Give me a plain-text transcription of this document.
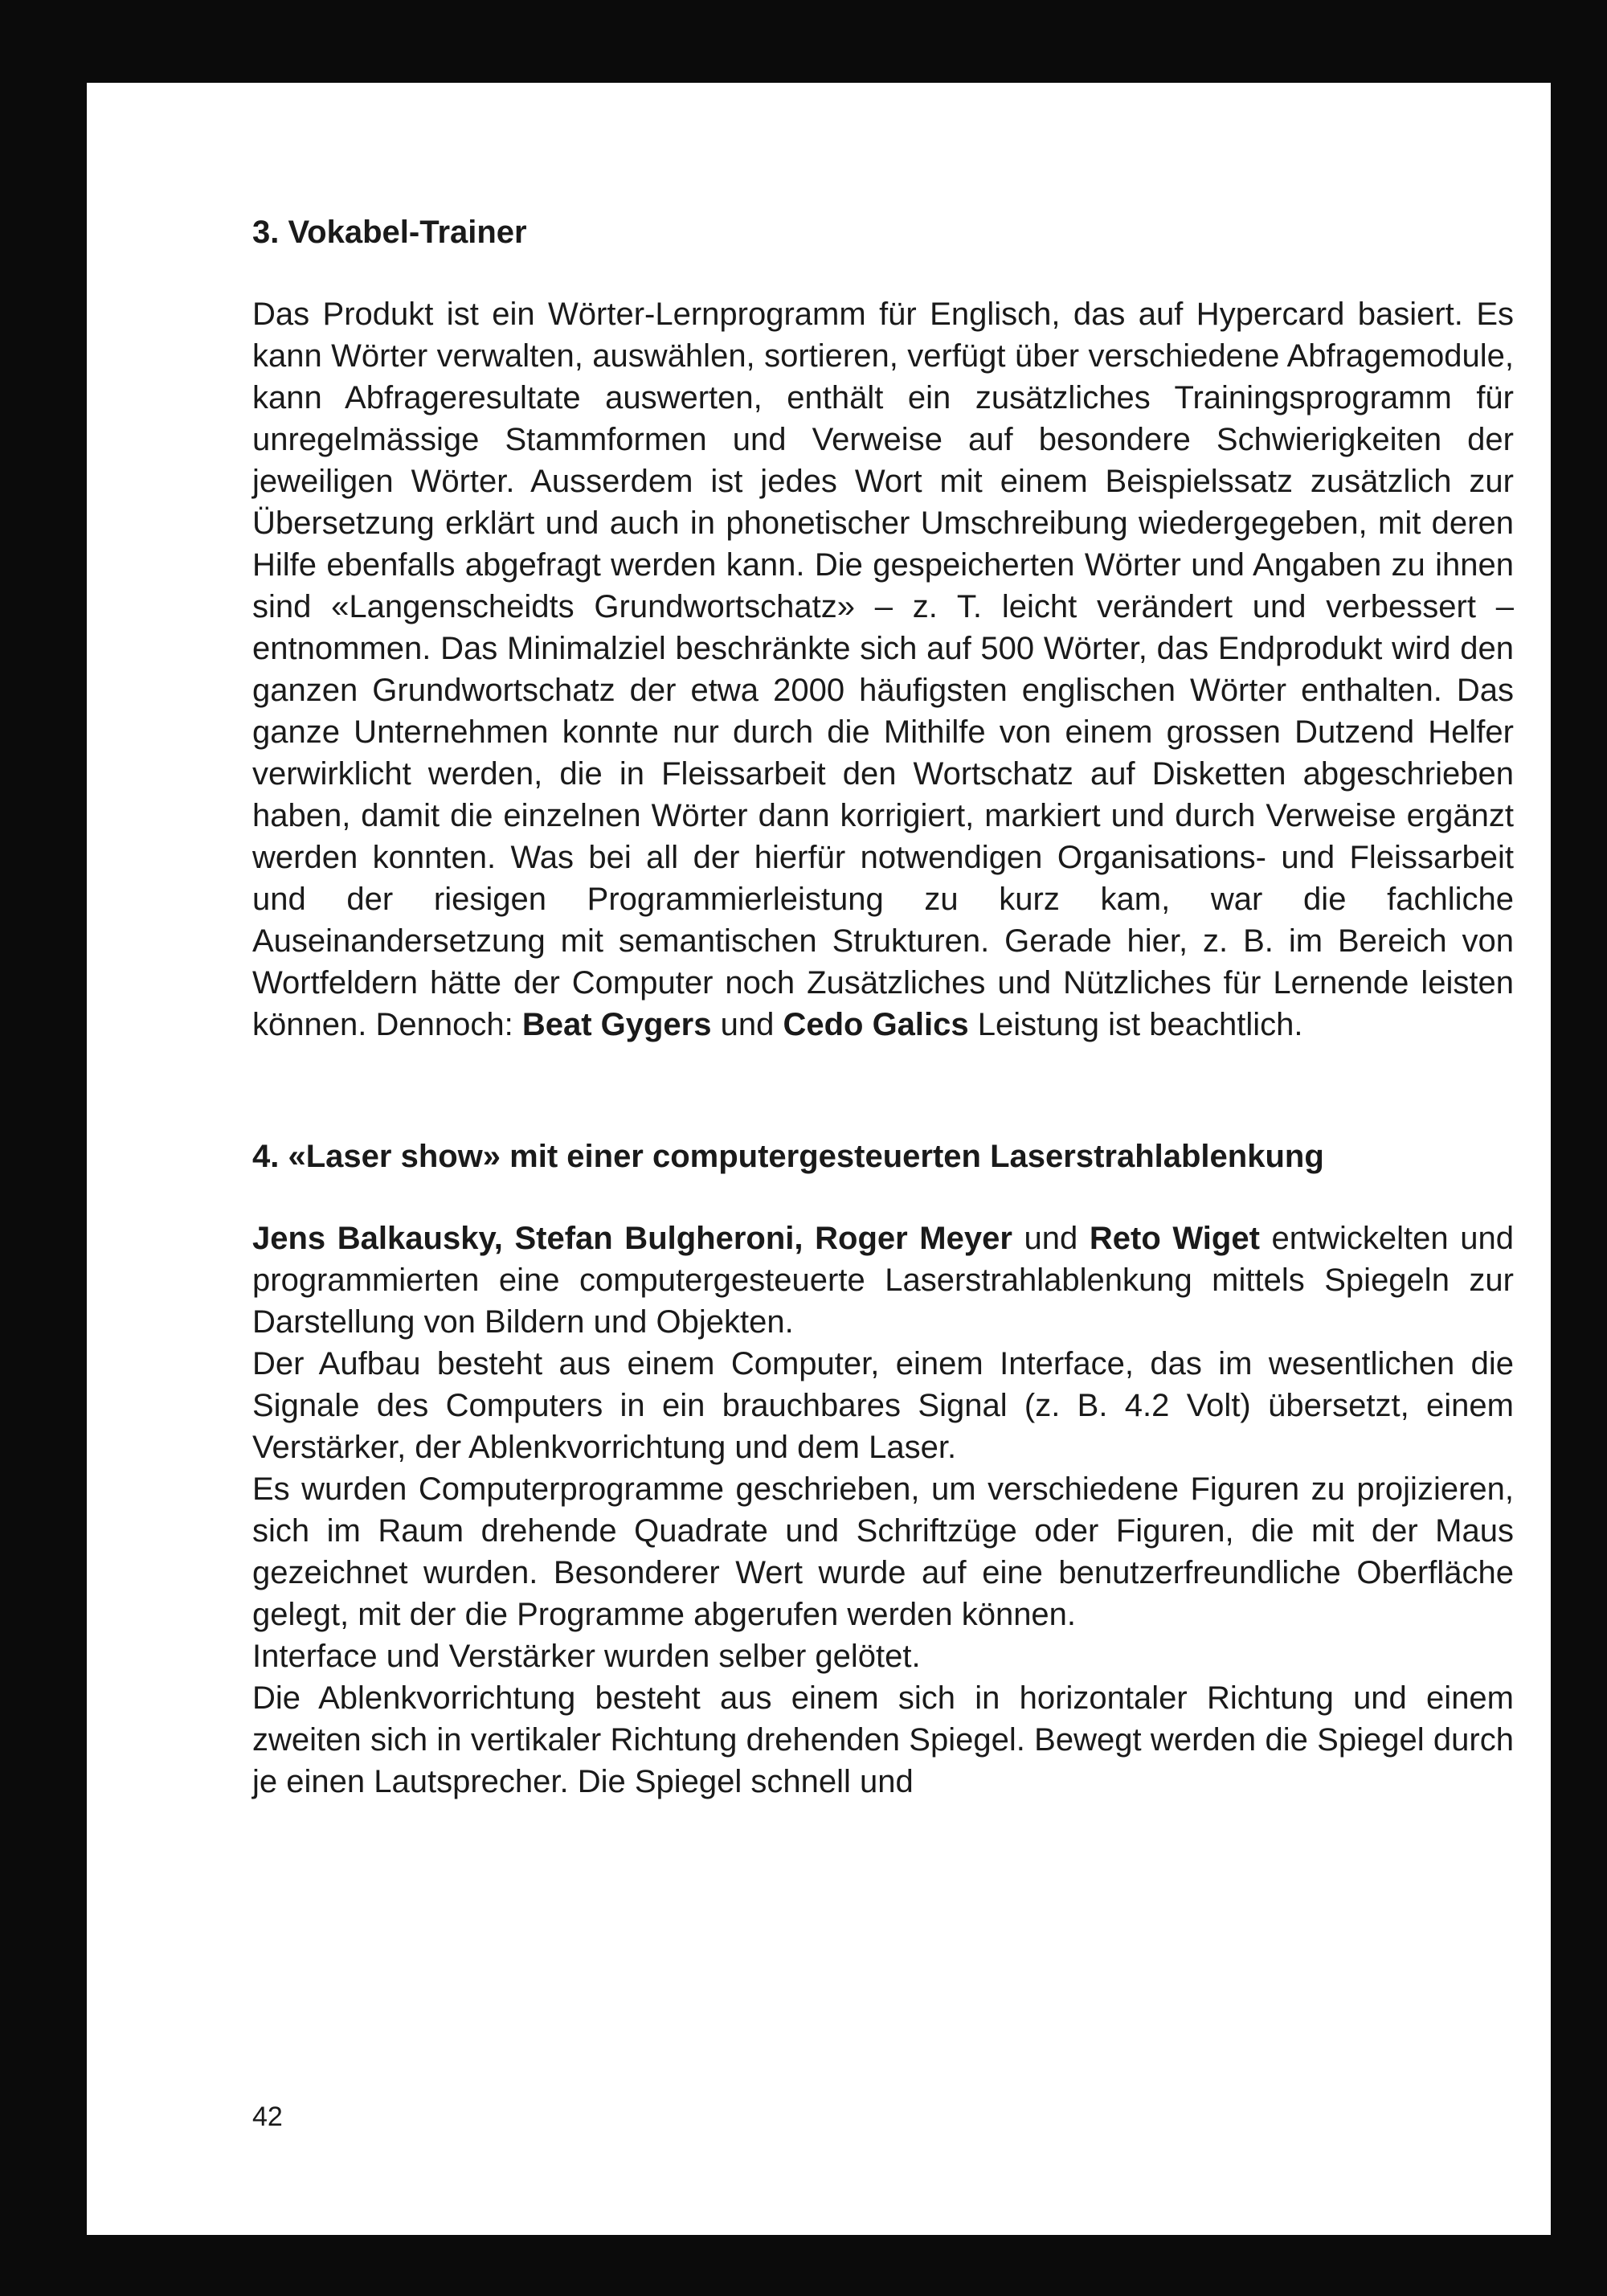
3. Vokabel-Trainer

Das Produkt ist ein Wörter-Lernprogramm für Englisch, das auf Hypercard basiert. Es kann Wörter verwalten, auswählen, sortieren, verfügt über verschiedene Abfragemodule, kann Abfrageresultate auswerten, enthält ein zusätzliches Trainingsprogramm für unregelmässige Stammformen und Verweise auf besondere Schwierigkeiten der jeweiligen Wörter. Ausserdem ist jedes Wort mit einem Beispielssatz zusätzlich zur Übersetzung erklärt und auch in phonetischer Umschreibung wiedergegeben, mit deren Hilfe ebenfalls abgefragt werden kann. Die gespeicherten Wörter und Angaben zu ihnen sind «Langenscheidts Grundwortschatz» – z. T. leicht verändert und verbessert – entnommen. Das Minimalziel beschränkte sich auf 500 Wörter, das Endprodukt wird den ganzen Grundwortschatz der etwa 2000 häufigsten englischen Wörter enthalten. Das ganze Unternehmen konnte nur durch die Mithilfe von einem grossen Dutzend Helfer verwirklicht werden, die in Fleissarbeit den Wortschatz auf Disketten abgeschrieben haben, damit die einzelnen Wörter dann korrigiert, markiert und durch Verweise ergänzt werden konnten. Was bei all der hierfür notwendigen Organisations- und Fleissarbeit und der riesigen Programmierleistung zu kurz kam, war die fachliche Auseinandersetzung mit semantischen Strukturen. Gerade hier, z. B. im Bereich von Wortfeldern hätte der Computer noch Zusätzliches und Nützliches für Lernende leisten können. Dennoch: Beat Gygers und Cedo Galics Leistung ist beachtlich.

4. «Laser show» mit einer computergesteuerten Laserstrahlablenkung

Jens Balkausky, Stefan Bulgheroni, Roger Meyer und Reto Wiget entwickelten und programmierten eine computergesteuerte Laserstrahlablenkung mittels Spiegeln zur Darstellung von Bildern und Objekten.

Der Aufbau besteht aus einem Computer, einem Interface, das im wesentlichen die Signale des Computers in ein brauchbares Signal (z. B. 4.2 Volt) übersetzt, einem Verstärker, der Ablenkvorrichtung und dem Laser.

Es wurden Computerprogramme geschrieben, um verschiedene Figuren zu projizieren, sich im Raum drehende Quadrate und Schriftzüge oder Figuren, die mit der Maus gezeichnet wurden. Besonderer Wert wurde auf eine benutzerfreundliche Oberfläche gelegt, mit der die Programme abgerufen werden können.

Interface und Verstärker wurden selber gelötet.

Die Ablenkvorrichtung besteht aus einem sich in horizontaler Richtung und einem zweiten sich in vertikaler Richtung drehenden Spiegel. Bewegt werden die Spiegel durch je einen Lautsprecher. Die Spiegel schnell und

42
